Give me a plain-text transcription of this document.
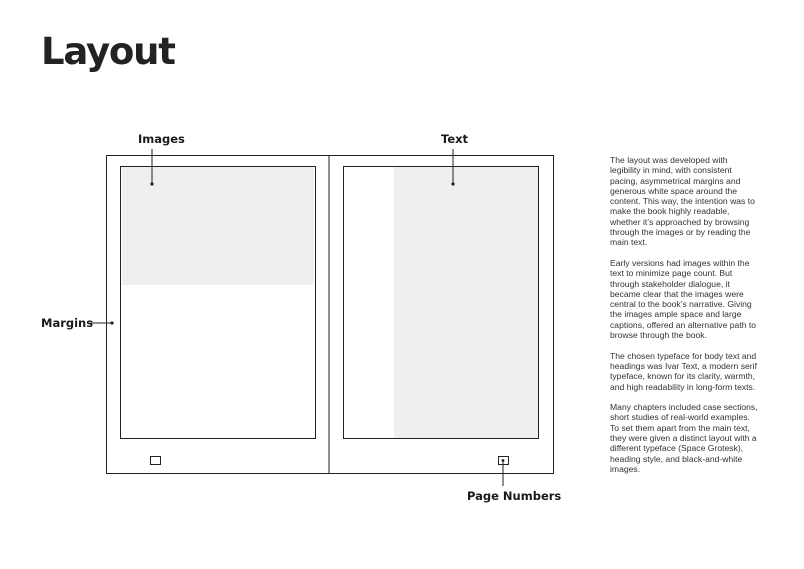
Layout
Images	Text
Margins
Page Numbers

The layout was developed with legibility in mind, with consistent pacing, asymmetrical margins and generous white space around the content. This way, the intention was to make the book highly readable, whether it’s approached by browsing through the images or by reading the main text.

Early versions had images within the text to minimize page count. But through stakeholder dialogue, it became clear that the images were central to the book’s narrative. Giving the images ample space and large captions, offered an alternative path to browse through the book.

The chosen typeface for body text and headings was Ivar Text, a modern serif typeface, known for its clarity, warmth, and high readability in long-form texts.

Many chapters included case sections, short studies of real-world examples. To set them apart from the main text, they were given a distinct layout with a different typeface (Space Grotesk), heading style, and black-and-white images.
